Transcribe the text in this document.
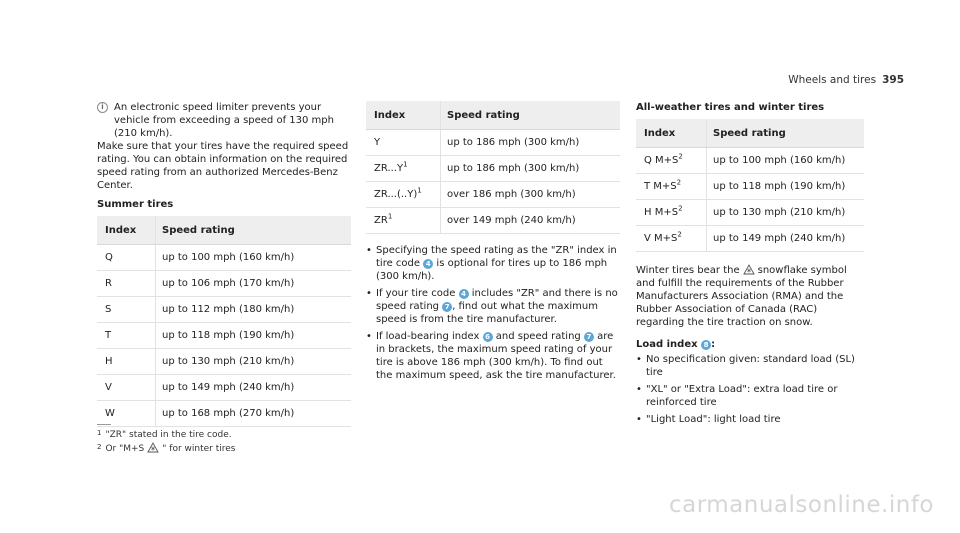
Wheels and tires 395
i	An electronic speed limiter prevents your vehicle from exceeding a speed of 130 mph (210 km/h).

Make sure that your tires have the required speed rating. You can obtain information on the required speed rating from an authorized Mercedes-Benz Center.

Summer tires

Index	Speed rating
Q	up to 100 mph (160 km/h)
R	up to 106 mph (170 km/h)
S	up to 112 mph (180 km/h)
T	up to 118 mph (190 km/h)
H	up to 130 mph (210 km/h)
V	up to 149 mph (240 km/h)
W	up to 168 mph (270 km/h)
Index	Speed rating
Y	up to 186 mph (300 km/h)
$ZR...Y^1$	up to 186 mph (300 km/h)
$ZR...(..Y)^1$	over 186 mph (300 km/h)
$ZR^1$	over 149 mph (240 km/h)
• Specifying the speed rating as the "ZR" index in tire code 4 is optional for tires up to 186 mph (300 km/h).
• If your tire code 4 includes "ZR" and there is no speed rating 7 , find out what the maximum speed is from the tire manufacturer.
• If load-bearing index 6 and speed rating 7 are in brackets, the maximum speed rating of your tire is above 186 mph (300 km/h). To find out the maximum speed, ask the tire manufacturer.

All-weather tires and winter tires

Index	Speed rating
Q $M+S^2$	up to 100 mph (160 km/h)
T $M+S^2$	up to 118 mph (190 km/h)
H $M+S^2$	up to 130 mph (210 km/h)
V $M+S^2$	up to 149 mph (240 km/h)

Winter tires bear the snowflake symbol and fulfill the requirements of the Rubber Manufacturers Association (RMA) and the Rubber Association of Canada (RAC) regarding the tire traction on snow.

Load index 8 :

• No specification given: standard load (SL) tire
• "XL" or "Extra Load": extra load tire or reinforced tire
• "Light Load": light load tire
$^1$ "ZR" stated in the tire code.
$^2$ Or "M+S " for winter tires
carmanualsonline.info
